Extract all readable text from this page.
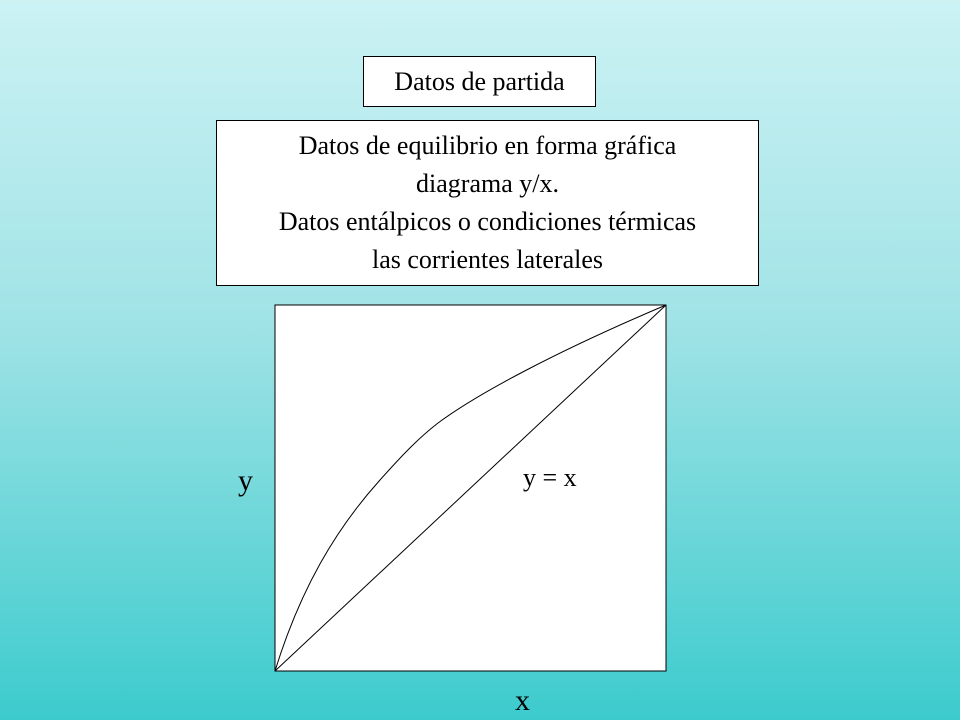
Datos de partida
Datos de equilibrio en forma gráfica
diagrama y/x.
Datos entálpicos o condiciones térmicas
las corrientes laterales
y
x
y = x
